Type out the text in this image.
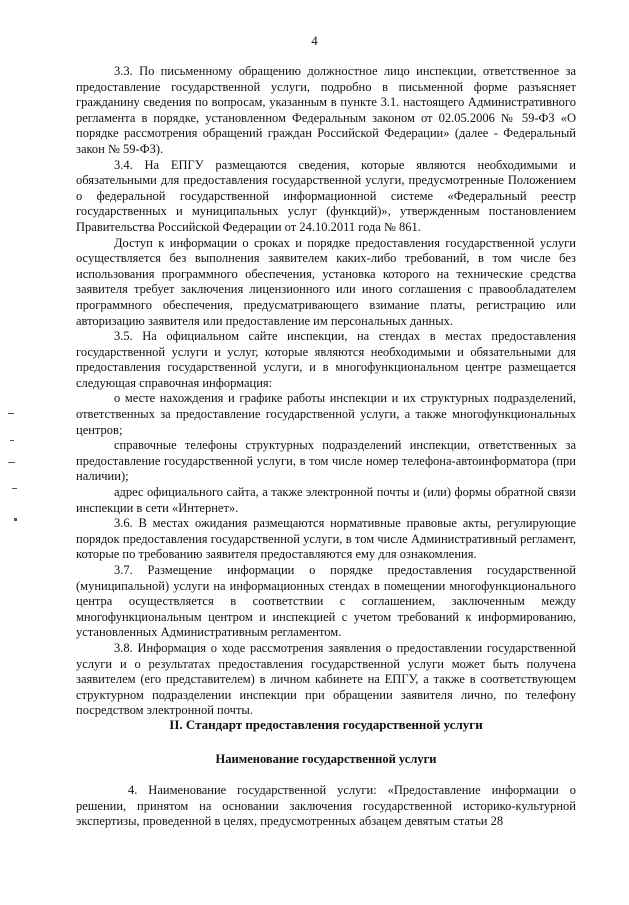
4

3.3. По письменному обращению должностное лицо инспекции, ответственное за предоставление государственной услуги, подробно в письменной форме разъясняет гражданину сведения по вопросам, указанным в пункте 3.1. настоящего Административного регламента в порядке, установленном Федеральным законом от 02.05.2006 № 59-ФЗ «О порядке рассмотрения обращений граждан Российской Федерации» (далее - Федеральный закон № 59-ФЗ).

3.4. На ЕПГУ размещаются сведения, которые являются необходимыми и обязательными для предоставления государственной услуги, предусмотренные Положением о федеральной государственной информационной системе «Федеральный реестр государственных и муниципальных услуг (функций)», утвержденным постановлением Правительства Российской Федерации от 24.10.2011 года № 861.

Доступ к информации о сроках и порядке предоставления государственной услуги осуществляется без выполнения заявителем каких-либо требований, в том числе без использования программного обеспечения, установка которого на технические средства заявителя требует заключения лицензионного или иного соглашения с правообладателем программного обеспечения, предусматривающего взимание платы, регистрацию или авторизацию заявителя или предоставление им персональных данных.

3.5. На официальном сайте инспекции, на стендах в местах предоставления государственной услуги и услуг, которые являются необходимыми и обязательными для предоставления государственной услуги, и в многофункциональном центре размещается следующая справочная информация:

о месте нахождения и графике работы инспекции и их структурных подразделений, ответственных за предоставление государственной услуги, а также многофункциональных центров;

справочные телефоны структурных подразделений инспекции, ответственных за предоставление государственной услуги, в том числе номер телефона-автоинформатора (при наличии);

адрес официального сайта, а также электронной почты и (или) формы обратной связи инспекции в сети «Интернет».

3.6. В местах ожидания размещаются нормативные правовые акты, регулирующие порядок предоставления государственной услуги, в том числе Административный регламент, которые по требованию заявителя предоставляются ему для ознакомления.

3.7. Размещение информации о порядке предоставления государственной (муниципальной) услуги на информационных стендах в помещении многофункционального центра осуществляется в соответствии с соглашением, заключенным между многофункциональным центром и инспекцией с учетом требований к информированию, установленных Административным регламентом.

3.8. Информация о ходе рассмотрения заявления о предоставлении государственной услуги и о результатах предоставления государственной услуги может быть получена заявителем (его представителем) в личном кабинете на ЕПГУ, а также в соответствующем структурном подразделении инспекции при обращении заявителя лично, по телефону посредством электронной почты.

II. Стандарт предоставления государственной услуги
Наименование государственной услуги

4. Наименование государственной услуги: «Предоставление информации о решении, принятом на основании заключения государственной историко-культурной экспертизы, проведенной в целях, предусмотренных абзацем девятым статьи 28
